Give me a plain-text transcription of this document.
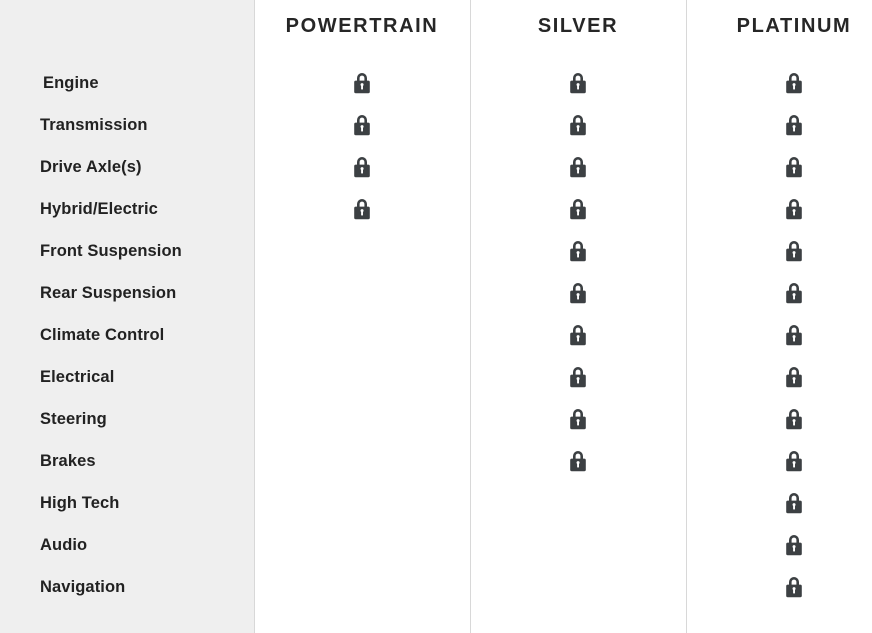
Engine
Transmission
Drive Axle(s)
Hybrid/Electric
Front Suspension
Rear Suspension
Climate Control
Electrical
Steering
Brakes
High Tech
Audio
Navigation
POWERTRAIN	SILVER	PLATINUM
